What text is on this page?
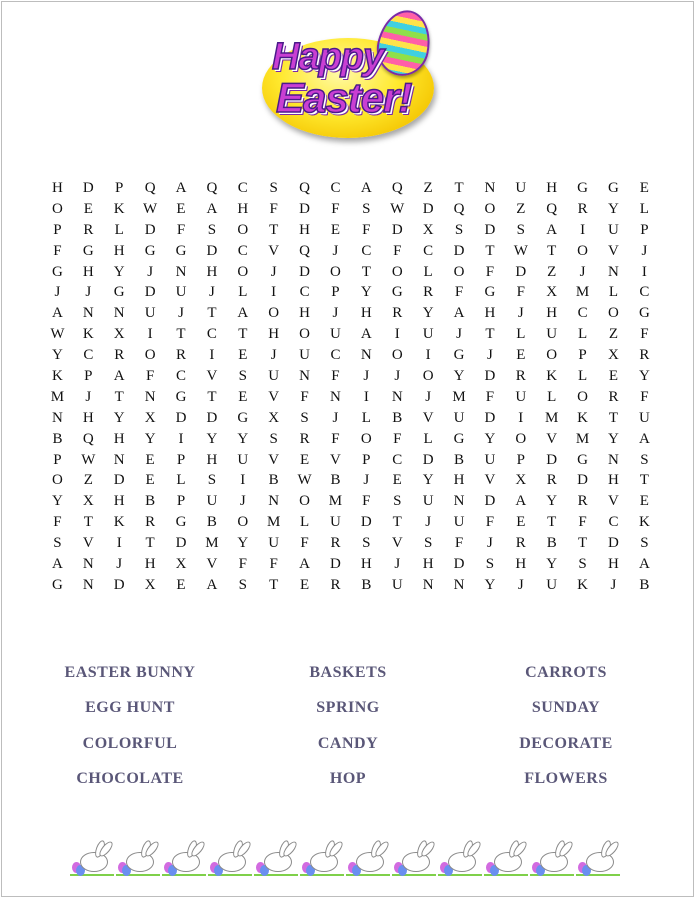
Happy
Easter!
H	D	P	Q	A	Q	C	S	Q	C	A	Q	Z	T	N	U	H	G	G	E
O	E	K	W	E	A	H	F	D	F	S	W	D	Q	O	Z	Q	R	Y	L
P	R	L	D	F	S	O	T	H	E	F	D	X	S	D	S	A	I	U	P
F	G	H	G	G	D	C	V	Q	J	C	F	C	D	T	W	T	O	V	J
G	H	Y	J	N	H	O	J	D	O	T	O	L	O	F	D	Z	J	N	I
J	J	G	D	U	J	L	I	C	P	Y	G	R	F	G	F	X	M	L	C
A	N	N	U	J	T	A	O	H	J	H	R	Y	A	H	J	H	C	O	G
W	K	X	I	T	C	T	H	O	U	A	I	U	J	T	L	U	L	Z	F
Y	C	R	O	R	I	E	J	U	C	N	O	I	G	J	E	O	P	X	R
K	P	A	F	C	V	S	U	N	F	J	J	O	Y	D	R	K	L	E	Y
M	J	T	N	G	T	E	V	F	N	I	N	J	M	F	U	L	O	R	F
N	H	Y	X	D	D	G	X	S	J	L	B	V	U	D	I	M	K	T	U
B	Q	H	Y	I	Y	Y	S	R	F	O	F	L	G	Y	O	V	M	Y	A
P	W	N	E	P	H	U	V	E	V	P	C	D	B	U	P	D	G	N	S
O	Z	D	E	L	S	I	B	W	B	J	E	Y	H	V	X	R	D	H	T
Y	X	H	B	P	U	J	N	O	M	F	S	U	N	D	A	Y	R	V	E
F	T	K	R	G	B	O	M	L	U	D	T	J	U	F	E	T	F	C	K
S	V	I	T	D	M	Y	U	F	R	S	V	S	F	J	R	B	T	D	S
A	N	J	H	X	V	F	F	A	D	H	J	H	D	S	H	Y	S	H	A
G	N	D	X	E	A	S	T	E	R	B	U	N	N	Y	J	U	K	J	B
EASTER BUNNY	BASKETS	CARROTS
EGG HUNT	SPRING	SUNDAY
COLORFUL	CANDY	DECORATE
CHOCOLATE	HOP	FLOWERS
